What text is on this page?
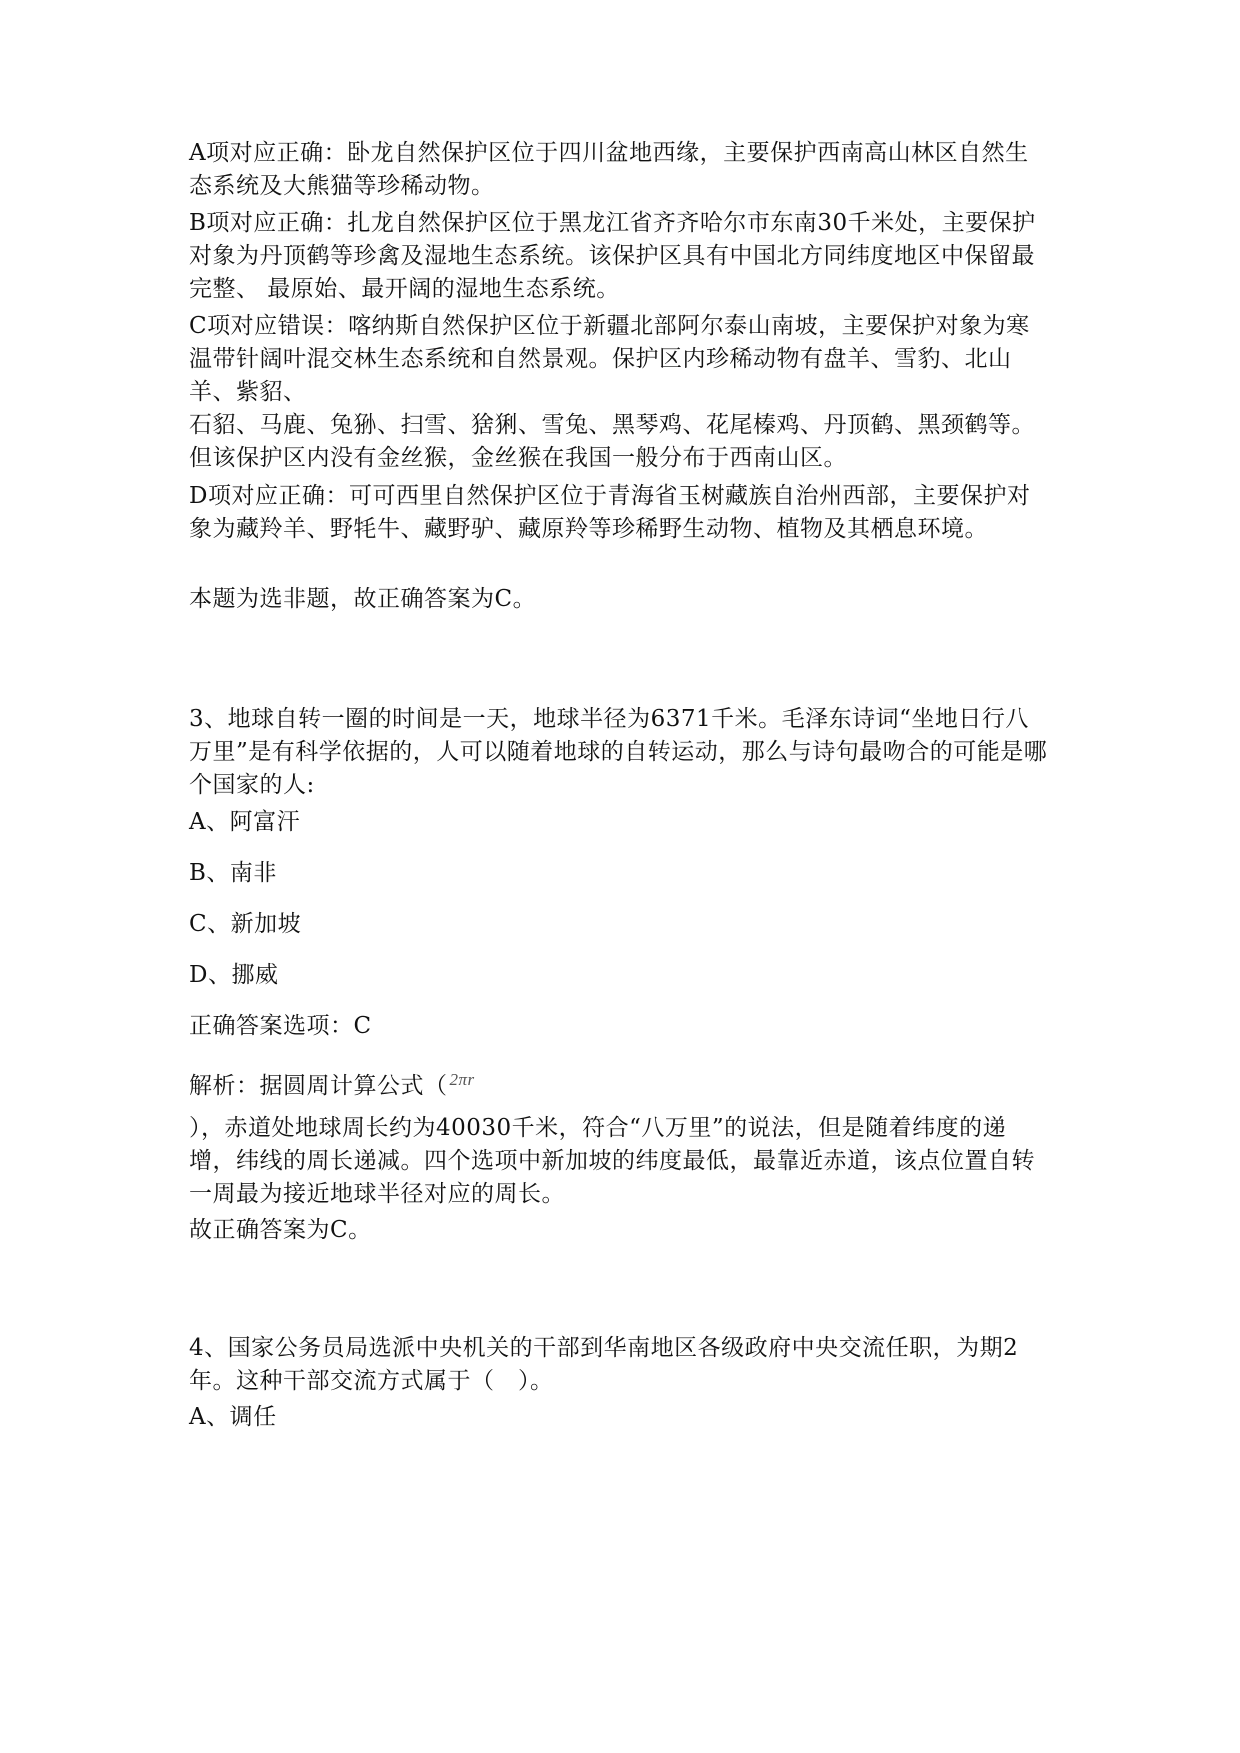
A项对应正确：卧龙自然保护区位于四川盆地西缘，主要保护西南高山林区自然生态系统及大熊猫等珍稀动物。

B项对应正确：扎龙自然保护区位于黑龙江省齐齐哈尔市东南30千米处，主要保护对象为丹顶鹤等珍禽及湿地生态系统。该保护区具有中国北方同纬度地区中保留最完整、 最原始、最开阔的湿地生态系统。

C项对应错误：喀纳斯自然保护区位于新疆北部阿尔泰山南坡，主要保护对象为寒温带针阔叶混交林生态系统和自然景观。保护区内珍稀动物有盘羊、雪豹、北山羊、紫貂、

石貂、马鹿、兔狲、扫雪、猞猁、雪兔、黑琴鸡、花尾榛鸡、丹顶鹤、黑颈鹤等。但该保护区内没有金丝猴，金丝猴在我国一般分布于西南山区。

D项对应正确：可可西里自然保护区位于青海省玉树藏族自治州西部，主要保护对象为藏羚羊、野牦牛、藏野驴、藏原羚等珍稀野生动物、植物及其栖息环境。

本题为选非题，故正确答案为C。

3、地球自转一圈的时间是一天，地球半径为6371千米。毛泽东诗词“坐地日行八万里”是有科学依据的，人可以随着地球的自转运动，那么与诗句最吻合的可能是哪个国家的人:

A、阿富汗

B、南非

C、新加坡

D、挪威

正确答案选项：C

解析：据圆周计算公式（ $^{2\pi r}$

），赤道处地球周长约为40030千米，符合“八万里”的说法，但是随着纬度的递增，纬线的周长递减。四个选项中新加坡的纬度最低，最靠近赤道，该点位置自转一周最为接近地球半径对应的周长。

故正确答案为C。

4、国家公务员局选派中央机关的干部到华南地区各级政府中央交流任职，为期2年。这种干部交流方式属于（　）。

A、调任
